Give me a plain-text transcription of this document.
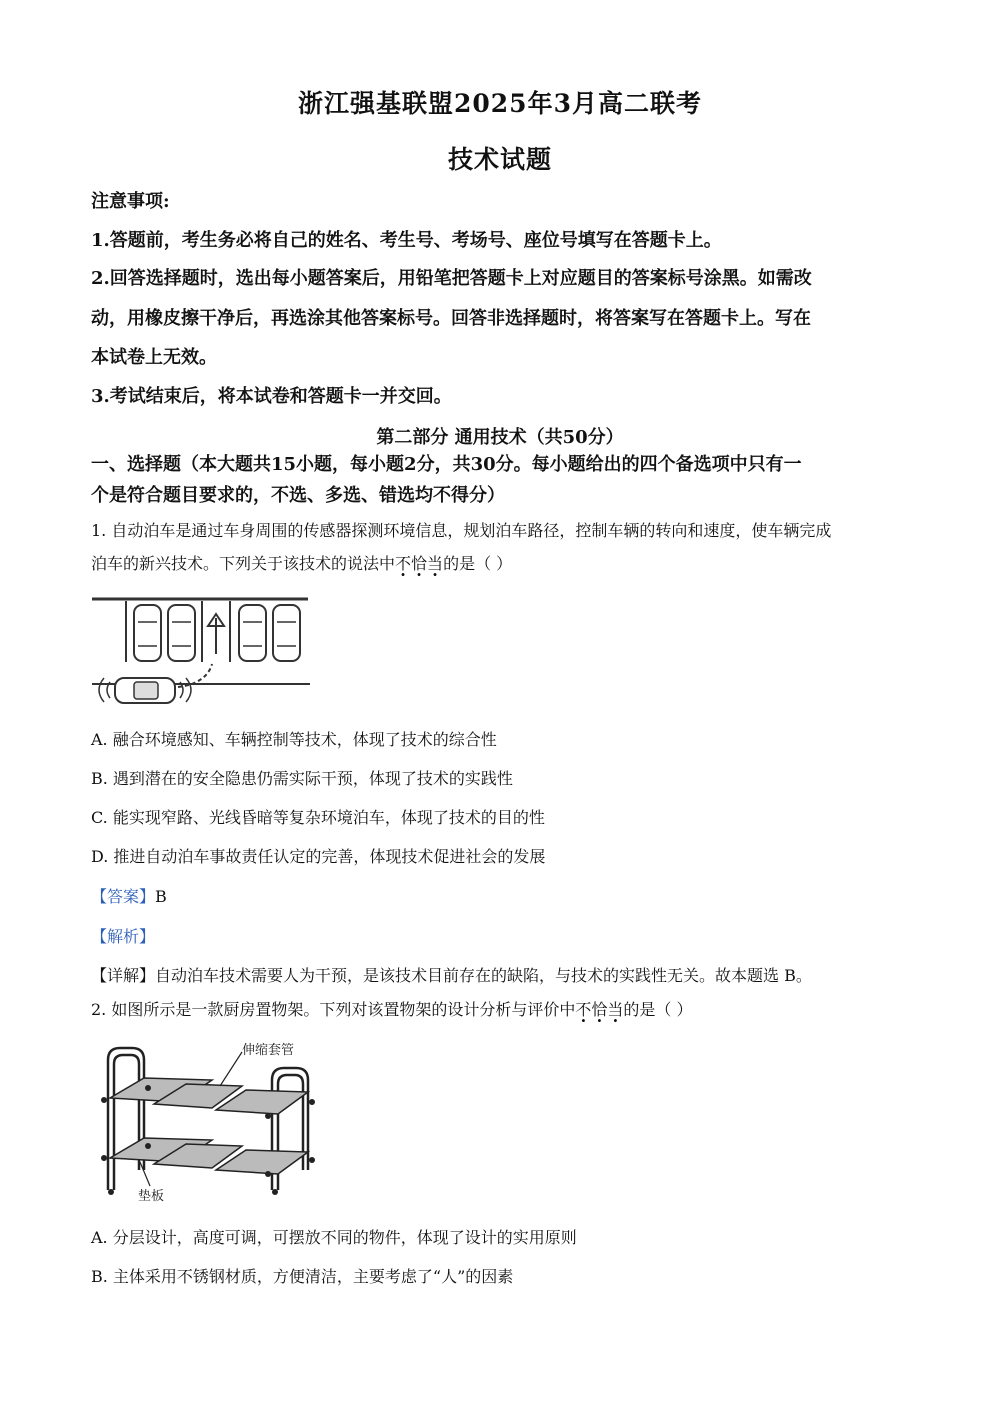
浙江强基联盟2025年3月高二联考
技术试题
注意事项:
1.答题前，考生务必将自己的姓名、考生号、考场号、座位号填写在答题卡上。
2.回答选择题时，选出每小题答案后，用铅笔把答题卡上对应题目的答案标号涂黑。如需改
动，用橡皮擦干净后，再选涂其他答案标号。回答非选择题时，将答案写在答题卡上。写在
本试卷上无效。
3.考试结束后，将本试卷和答题卡一并交回。
第二部分 通用技术（共50分）
一、选择题（本大题共15小题，每小题2分，共30分。每小题给出的四个备选项中只有一
个是符合题目要求的，不选、多选、错选均不得分）
1. 自动泊车是通过车身周围的传感器探测环境信息，规划泊车路径，控制车辆的转向和速度，使车辆完成
泊车的新兴技术。下列关于该技术的说法中不恰当的是（ ）
A. 融合环境感知、车辆控制等技术，体现了技术的综合性
B. 遇到潜在的安全隐患仍需实际干预，体现了技术的实践性
C. 能实现窄路、光线昏暗等复杂环境泊车，体现了技术的目的性
D. 推进自动泊车事故责任认定的完善，体现技术促进社会的发展
【答案】B
【解析】
【详解】自动泊车技术需要人为干预，是该技术目前存在的缺陷，与技术的实践性无关。故本题选 B。
2. 如图所示是一款厨房置物架。下列对该置物架的设计分析与评价中不恰当的是（ ）
伸缩套管
垫板
A. 分层设计，高度可调，可摆放不同的物件，体现了设计的实用原则
B. 主体采用不锈钢材质，方便清洁，主要考虑了“人”的因素
